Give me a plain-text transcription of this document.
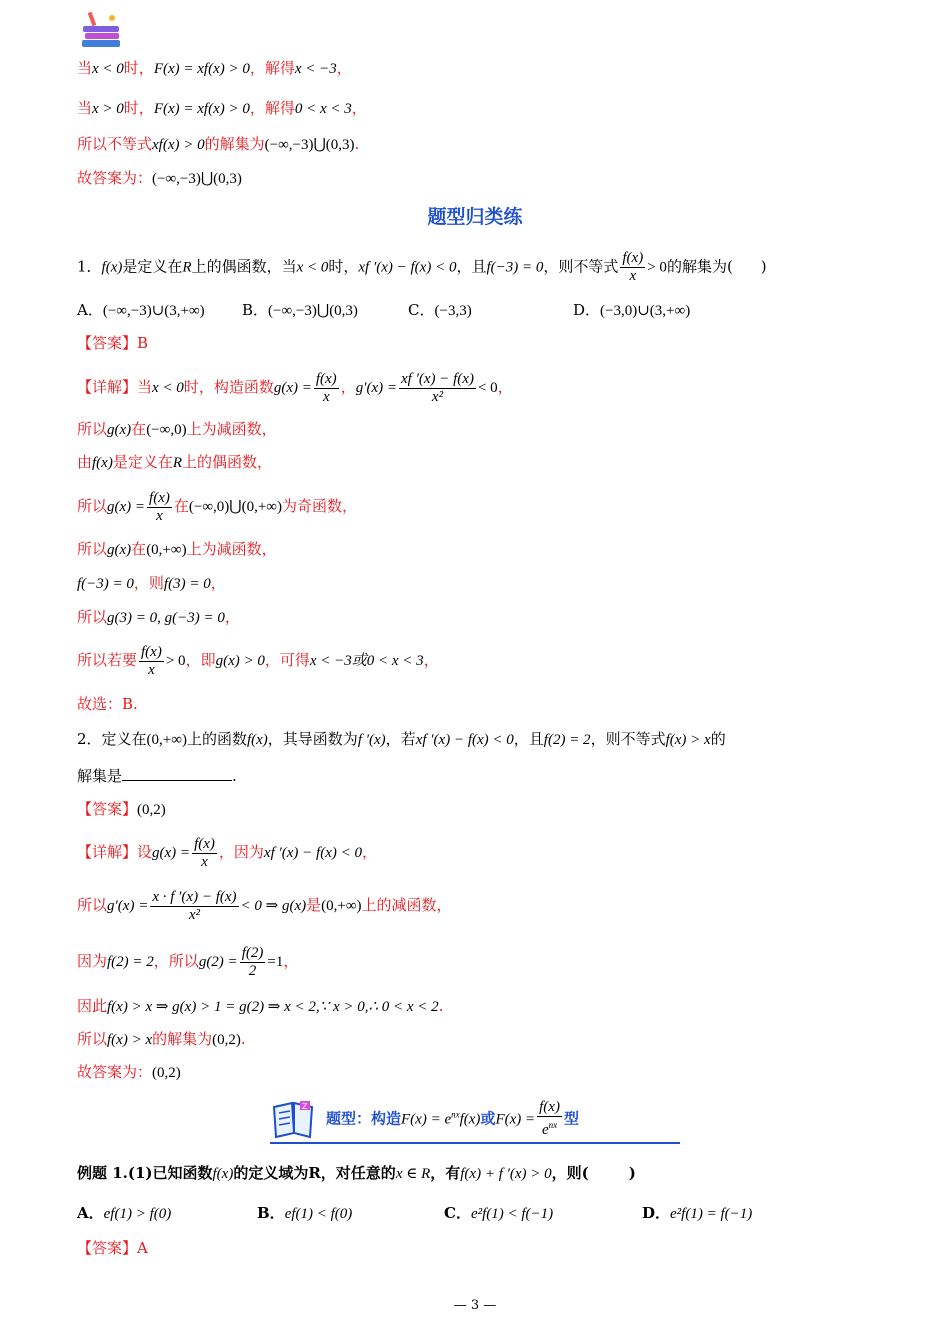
当x < 0时，F(x) = xf(x) > 0，解得x < −3，
当x > 0时，F(x) = xf(x) > 0，解得0 < x < 3，
所以不等式xf(x) > 0的解集为(−∞,−3)⋃(0,3).
故答案为：(−∞,−3)⋃(0,3)
题型归类练
1．f(x)是定义在R上的偶函数，当x < 0时，xf ′(x) − f(x) < 0，且f(−3) = 0，则不等式 $\frac{f(x)}{x} > 0$的解集为( )
A．(−∞,−3)∪(3,+∞) B．(−∞,−3)⋃(0,3)	C．(−3,3)	D．(−3,0)∪(3,+∞)
【答案】B
【详解】当x < 0时，构造函数$g(x) = \frac{f(x)}{x}$ ，$g'(x) = \frac{xf '(x) - f(x)}{\text{x²}} < 0$，
所以g(x)在(−∞,0)上为减函数，
由f(x)是定义在R上的偶函数，
所以$g(x) = \frac{f(x)}{x}$ 在(−∞,0)⋃(0,+∞)为奇函数，
所以g(x)在(0,+∞)上为减函数，
f(−3) = 0，则f(3) = 0，
所以g(3) = 0, g(−3) = 0，
所以若要 $\frac{f(x)}{x} > 0$，即g(x) > 0，可得x < −3或0 < x < 3，
故选：B.
2．定义在(0,+∞)上的函数f(x)，其导函数为f ′(x)，若xf ′(x) − f(x) < 0，且f(2) = 2，则不等式f(x) > x的
解集是	.
【答案】(0,2)
【详解】设$g(x) = \frac{f(x)}{x}$ ，因为xf ′(x) − f(x) < 0，
所以$g'(x) = \frac{x \cdot f '(x) - f(x)}{\text{x²}} < 0$ ⇒ g(x)是(0,+∞)上的减函数，
因为f(2) = 2，所以$g(2) = \frac{f(2)}{2} =1$，
因此f(x) > x ⇒ g(x) > 1 = g(2) ⇒ x < 2,∵ x > 0,∴ 0 < x < 2.
所以f(x) > x的解集为(0,2).
故答案为：(0,2)
Z
题型：构造$F(x) = e^{nx}f(x)$或$F(x) = \frac{f(x)}{e^{nx}}$ 型
例题 1.(1)已知函数f(x)的定义域为R，对任意的x ∈ R，有f(x) + f ′(x) > 0，则(	)
A．ef(1) > f(0)	B．ef(1) < f(0)	C．e²f(1) < f(−1)	D．e²f(1) = f(−1)
【答案】A
— 3 —
